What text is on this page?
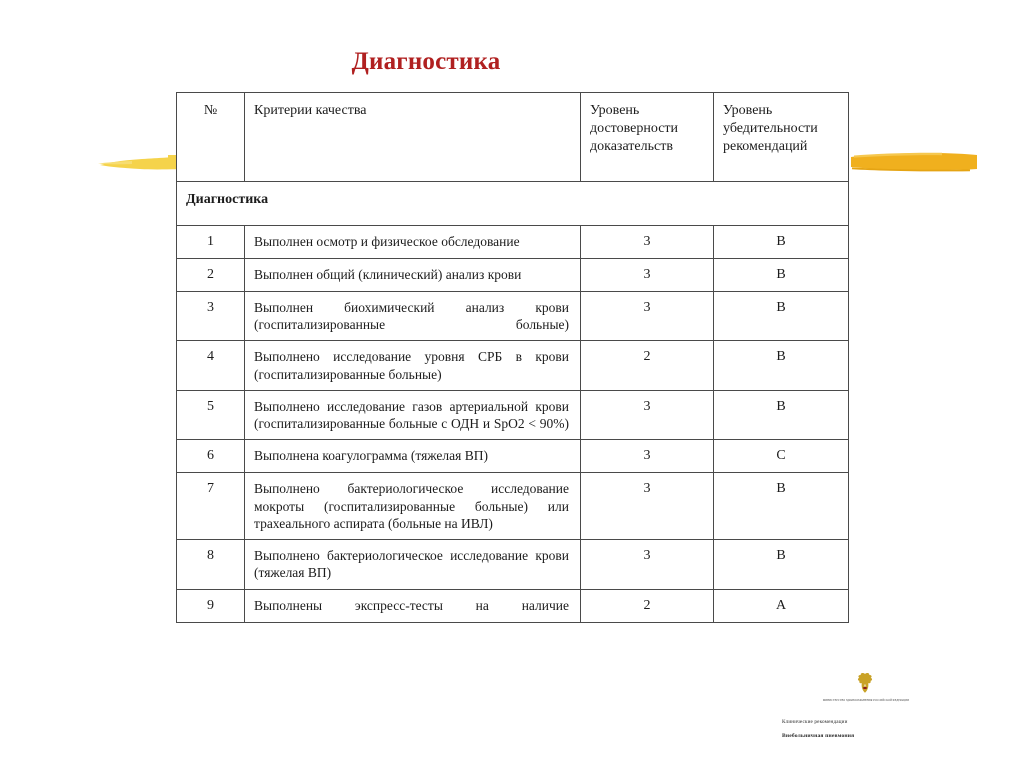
Диагностика
№	Критерии качества	Уровень достоверности доказательств	Уровень убедительности рекомендаций
Диагностика			
1	Выполнен осмотр и физическое обследование	3	B
2	Выполнен общий (клинический) анализ крови	3	B
3	Выполнен биохимический анализ крови (госпитализированные больные)	3	B
4	Выполнено исследование уровня СРБ в крови (госпитализированные больные)	2	B
5	Выполнено исследование газов артериальной крови (госпитализированные больные с ОДН и SpO2 < 90%)	3	B
6	Выполнена коагулограмма (тяжелая ВП)	3	C
7	Выполнено бактериологическое исследование мокроты (госпитализированные больные) или трахеального аспирата (больные на ИВЛ)	3	B
8	Выполнено бактериологическое исследование крови (тяжелая ВП)	3	B
9	Выполнены экспресс-тесты на наличие	2	A
МИНИСТЕРСТВО ЗДРАВООХРАНЕНИЯ РОССИЙСКОЙ ФЕДЕРАЦИИ
Клинические рекомендации
Внебольничная пневмония
